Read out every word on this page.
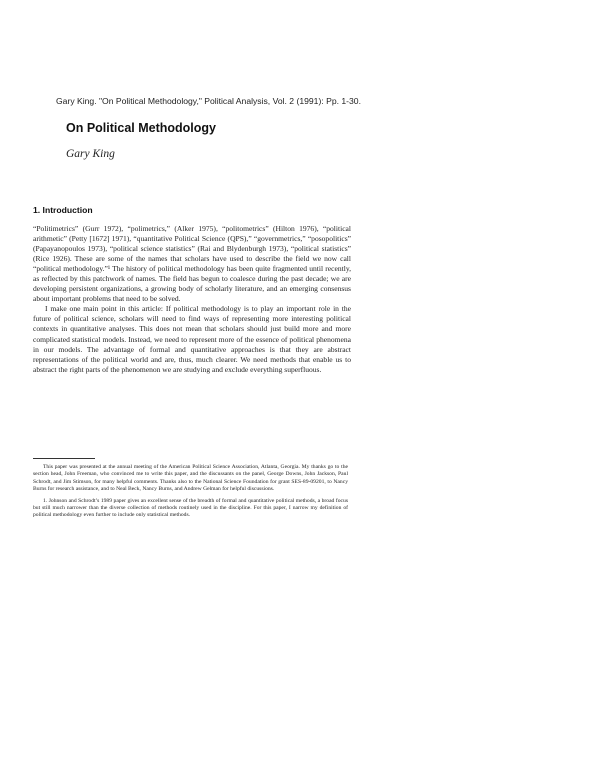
Gary King. "On Political Methodology," Political Analysis, Vol. 2 (1991): Pp. 1-30.
On Political Methodology
Gary King
1. Introduction

“Politimetrics” (Gurr 1972), “polimetrics,” (Alker 1975), “politometrics” (Hilton 1976), “political arithmetic” (Petty [1672] 1971), “quantitative Political Science (QPS),” “governmetrics,” “posopolitics” (Papayanopoulos 1973), “political science statistics” (Rai and Blydenburgh 1973), “political statistics” (Rice 1926). These are some of the names that scholars have used to describe the field we now call “political methodology.”¹ The history of political methodology has been quite fragmented until recently, as reflected by this patchwork of names. The field has begun to coalesce during the past decade; we are developing persistent organizations, a growing body of scholarly literature, and an emerging consensus about important problems that need to be solved.

I make one main point in this article: If political methodology is to play an important role in the future of political science, scholars will need to find ways of representing more interesting political contexts in quantitative analyses. This does not mean that scholars should just build more and more complicated statistical models. Instead, we need to represent more of the essence of political phenomena in our models. The advantage of formal and quantitative approaches is that they are abstract representations of the political world and are, thus, much clearer. We need methods that enable us to abstract the right parts of the phenomenon we are studying and exclude everything superfluous.

This paper was presented at the annual meeting of the American Political Science Association, Atlanta, Georgia. My thanks go to the section head, John Freeman, who convinced me to write this paper, and the discussants on the panel, George Downs, John Jackson, Paul Schrodt, and Jim Stimson, for many helpful comments. Thanks also to the National Science Foundation for grant SES-89-09201, to Nancy Burns for research assistance, and to Neal Beck, Nancy Burns, and Andrew Gelman for helpful discussions.

1. Johnson and Schrodt’s 1989 paper gives an excellent sense of the breadth of formal and quantitative political methods, a broad focus but still much narrower than the diverse collection of methods routinely used in the discipline. For this paper, I narrow my definition of political methodology even further to include only statistical methods.
